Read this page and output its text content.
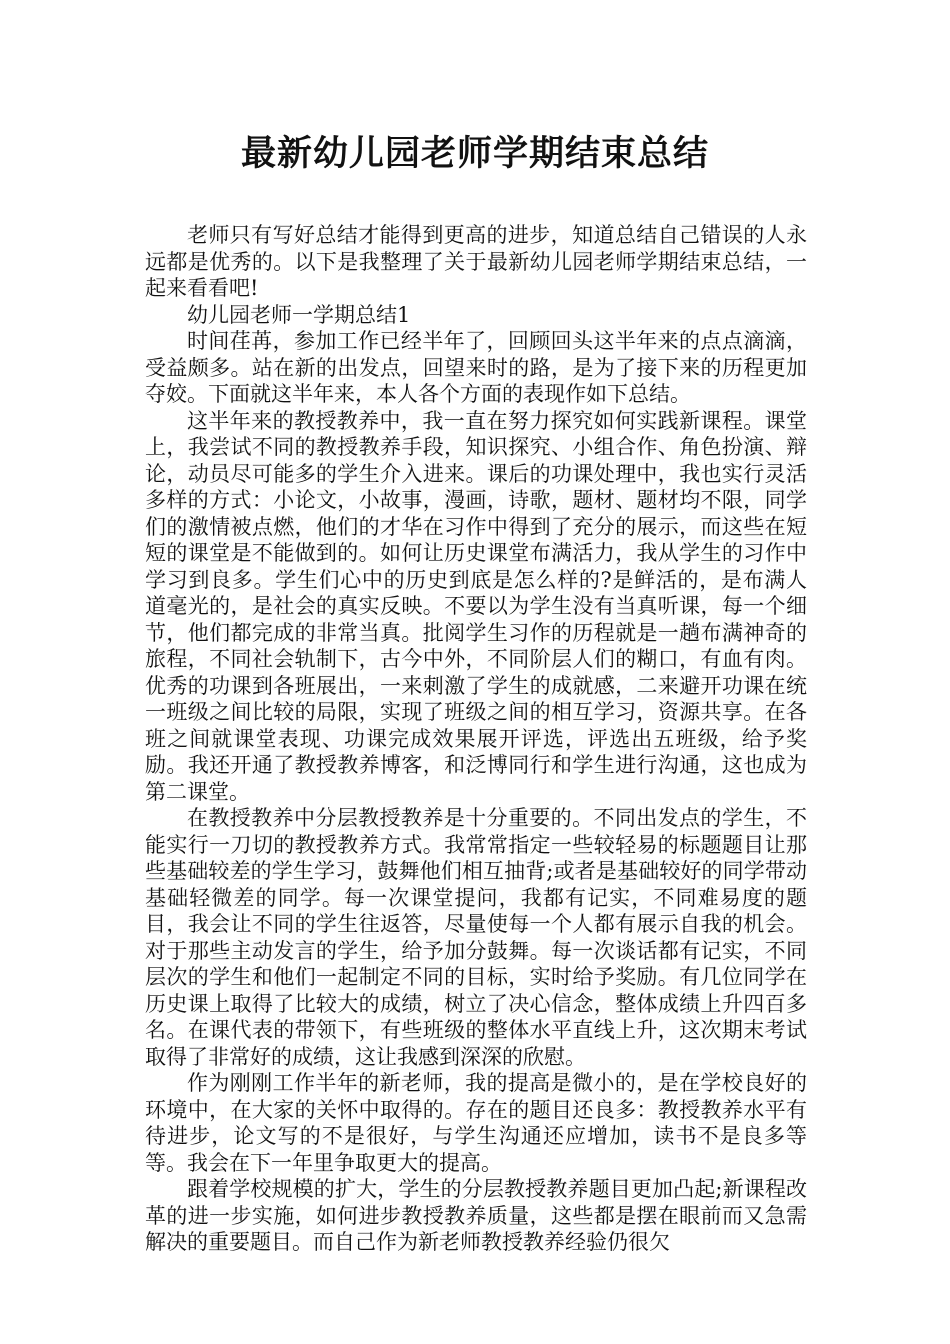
最新幼儿园老师学期结束总结

老师只有写好总结才能得到更高的进步，知道总结自己错误的人永远都是优秀的。以下是我整理了关于最新幼儿园老师学期结束总结，一起来看看吧!

幼儿园老师一学期总结1

时间荏苒，参加工作已经半年了，回顾回头这半年来的点点滴滴，受益颇多。站在新的出发点，回望来时的路，是为了接下来的历程更加夺姣。下面就这半年来，本人各个方面的表现作如下总结。

这半年来的教授教养中，我一直在努力探究如何实践新课程。课堂上，我尝试不同的教授教养手段，知识探究、小组合作、角色扮演、辩论，动员尽可能多的学生介入进来。课后的功课处理中，我也实行灵活多样的方式：小论文，小故事，漫画，诗歌，题材、题材均不限，同学们的激情被点燃，他们的才华在习作中得到了充分的展示，而这些在短短的课堂是不能做到的。如何让历史课堂布满活力，我从学生的习作中学习到良多。学生们心中的历史到底是怎么样的?是鲜活的，是布满人道毫光的，是社会的真实反映。不要以为学生没有当真听课，每一个细节，他们都完成的非常当真。批阅学生习作的历程就是一趟布满神奇的旅程，不同社会轨制下，古今中外，不同阶层人们的糊口，有血有肉。优秀的功课到各班展出，一来刺激了学生的成就感，二来避开功课在统一班级之间比较的局限，实现了班级之间的相互学习，资源共享。在各班之间就课堂表现、功课完成效果展开评选，评选出五班级，给予奖励。我还开通了教授教养博客，和泛博同行和学生进行沟通，这也成为第二课堂。

在教授教养中分层教授教养是十分重要的。不同出发点的学生，不能实行一刀切的教授教养方式。我常常指定一些较轻易的标题题目让那些基础较差的学生学习，鼓舞他们相互抽背;或者是基础较好的同学带动基础轻微差的同学。每一次课堂提问，我都有记实，不同难易度的题目，我会让不同的学生往返答，尽量使每一个人都有展示自我的机会。对于那些主动发言的学生，给予加分鼓舞。每一次谈话都有记实，不同层次的学生和他们一起制定不同的目标，实时给予奖励。有几位同学在历史课上取得了比较大的成绩，树立了决心信念，整体成绩上升四百多名。在课代表的带领下，有些班级的整体水平直线上升，这次期末考试取得了非常好的成绩，这让我感到深深的欣慰。

作为刚刚工作半年的新老师，我的提高是微小的，是在学校良好的环境中，在大家的关怀中取得的。存在的题目还良多：教授教养水平有待进步，论文写的不是很好，与学生沟通还应增加，读书不是良多等等。我会在下一年里争取更大的提高。

跟着学校规模的扩大，学生的分层教授教养题目更加凸起;新课程改革的进一步实施，如何进步教授教养质量，这些都是摆在眼前而又急需解决的重要题目。而自己作为新老师教授教养经验仍很欠
